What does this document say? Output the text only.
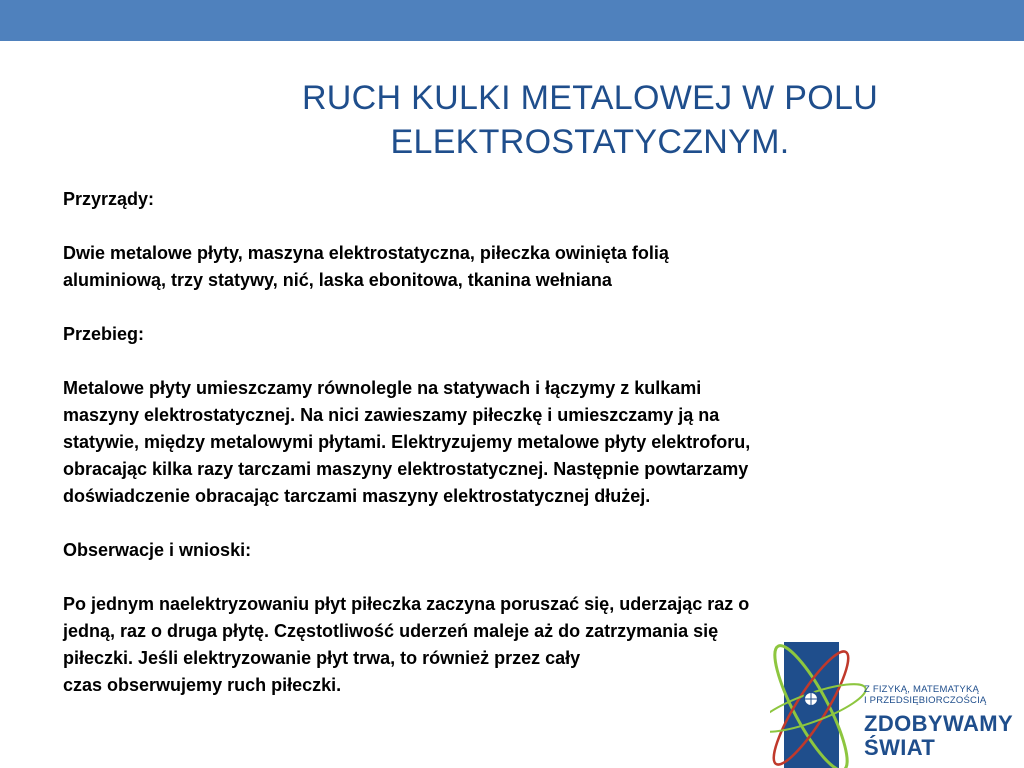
RUCH KULKI METALOWEJ W POLU
ELEKTROSTATYCZNYM.

Przyrządy:

Dwie metalowe płyty, maszyna elektrostatyczna, piłeczka owinięta folią

aluminiową, trzy statywy, nić, laska ebonitowa, tkanina wełniana

Przebieg:

Metalowe płyty umieszczamy równolegle na statywach i łączymy z kulkami

maszyny elektrostatycznej. Na nici zawieszamy piłeczkę i umieszczamy ją na

statywie, między metalowymi płytami. Elektryzujemy metalowe płyty elektroforu,

obracając kilka razy tarczami maszyny elektrostatycznej. Następnie powtarzamy

doświadczenie obracając tarczami maszyny elektrostatycznej dłużej.

Obserwacje i wnioski:

Po jednym naelektryzowaniu płyt piłeczka zaczyna poruszać się, uderzając raz o

jedną, raz o druga płytę. Częstotliwość uderzeń maleje aż do zatrzymania się

piłeczki. Jeśli elektryzowanie płyt trwa, to również przez cały

czas obserwujemy ruch piłeczki.	Z FIZYKĄ, MATEMATYKĄ
I PRZEDSIĘBIORCZOŚCIĄ
ZDOBYWAMY
ŚWIAT
